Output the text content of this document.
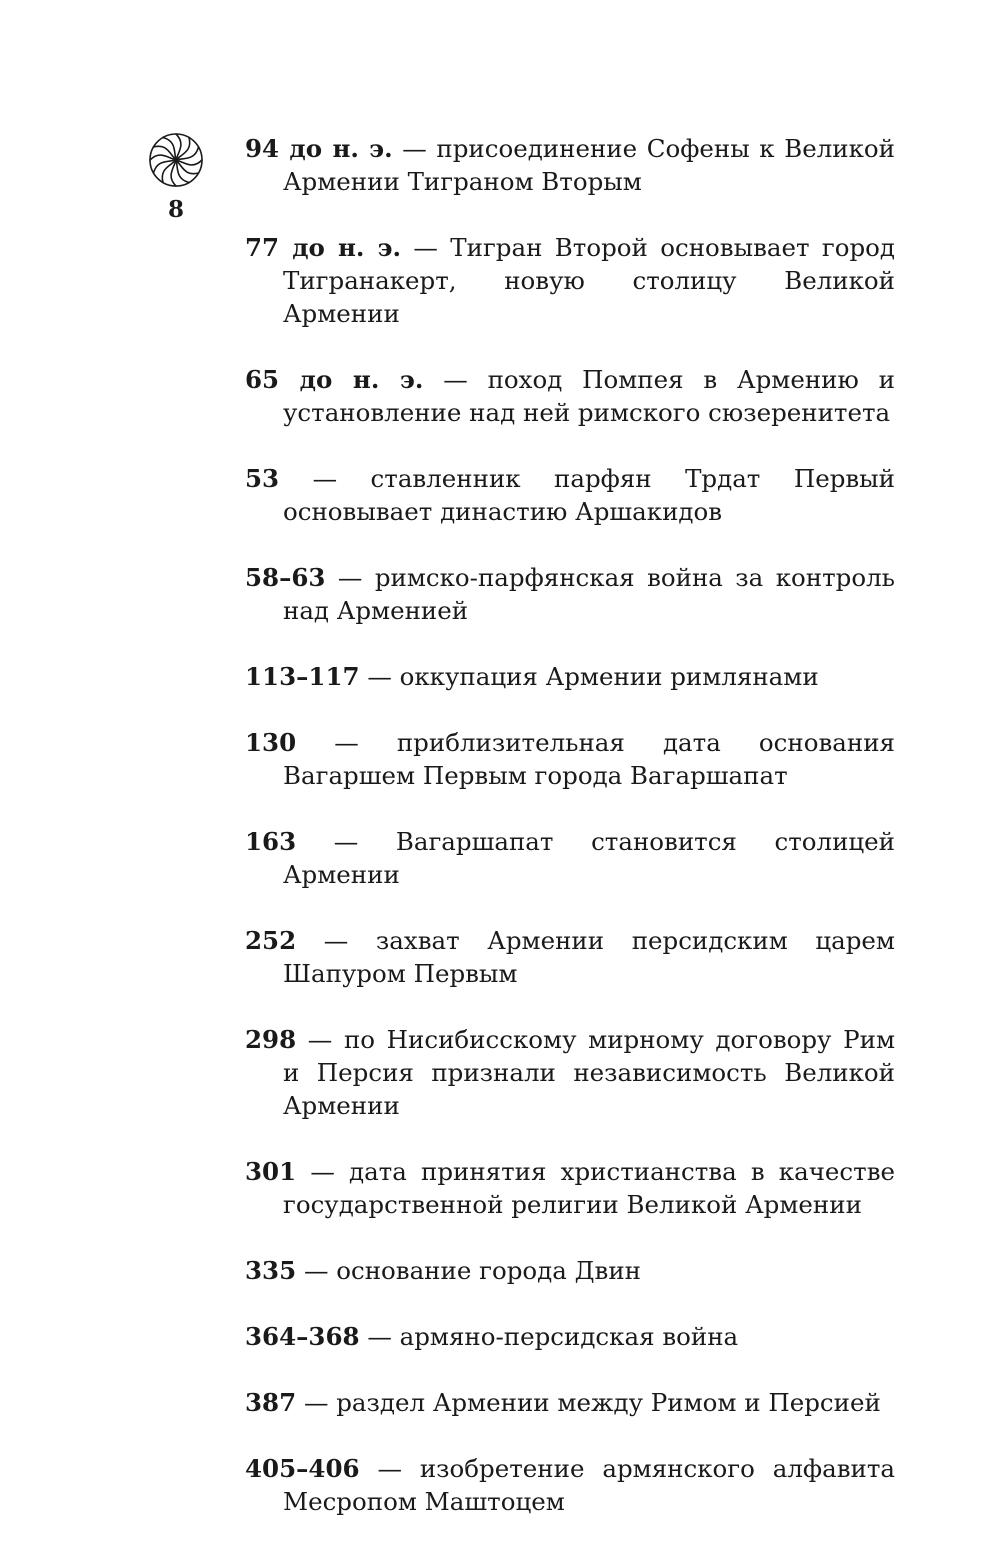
8

94 до н. э. — присоединение Софены к Великой Армении Тиграном Вторым

77 до н. э. — Тигран Второй основывает город Тигранакерт, новую столицу Великой Армении

65 до н. э. — поход Помпея в Армению и установление над ней римского сюзеренитета

53 — ставленник парфян Трдат Первый основывает династию Аршакидов

58–63 — римско-парфянская война за контроль над Арменией

113–117 — оккупация Армении римлянами

130 — приблизительная дата основания Вагаршем Первым города Вагаршапат

163 — Вагаршапат становится столицей Армении

252 — захват Армении персидским царем Шапуром Первым

298 — по Нисибисскому мирному договору Рим и Персия признали независимость Великой Армении

301 — дата принятия христианства в качестве государственной религии Великой Армении

335 — основание города Двин

364–368 — армяно-персидская война

387 — раздел Армении между Римом и Персией

405–406 — изобретение армянского алфавита Месропом Маштоцем
